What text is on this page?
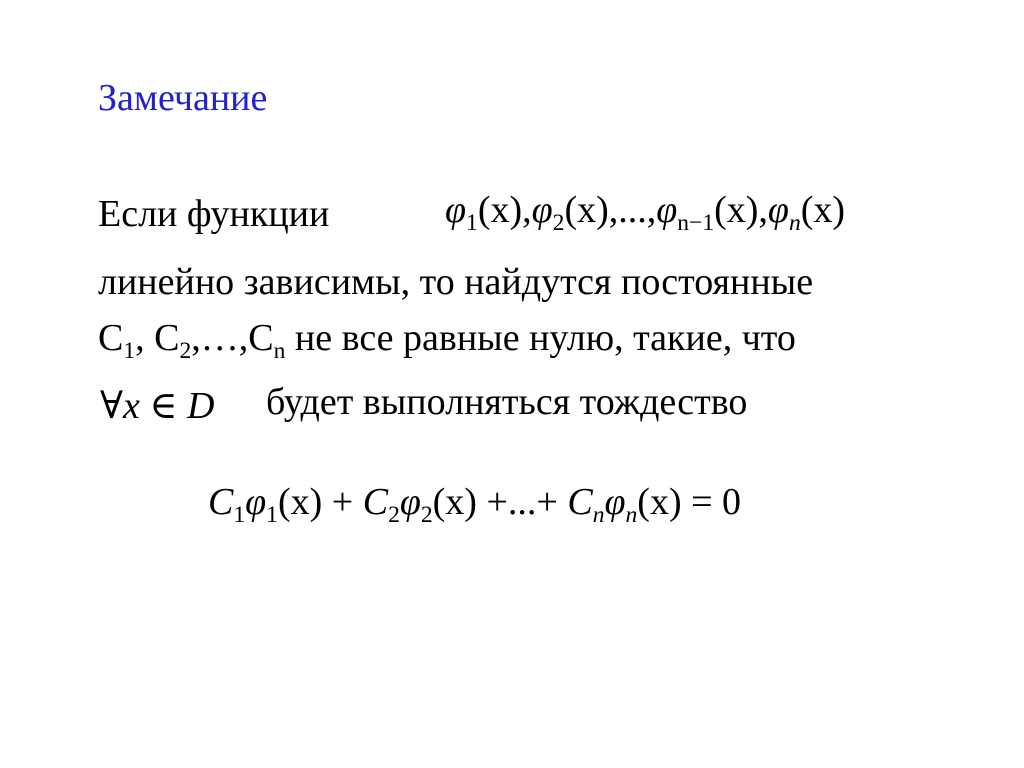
Замечание
Если функции	$\varphi_1(x),\varphi_2(x),...,\varphi_{n-1}(x),\varphi_n(x)$
линейно зависимы, то найдутся постоянные
$C_1$, $C_2,\dots,C_n$ не все равные нулю, такие, что
∀x ∈ D будет выполняться тождество
$C_1\varphi_1(x) + C_2\varphi_2(x)$ +...+ $C_n\varphi_n(x) = 0$
